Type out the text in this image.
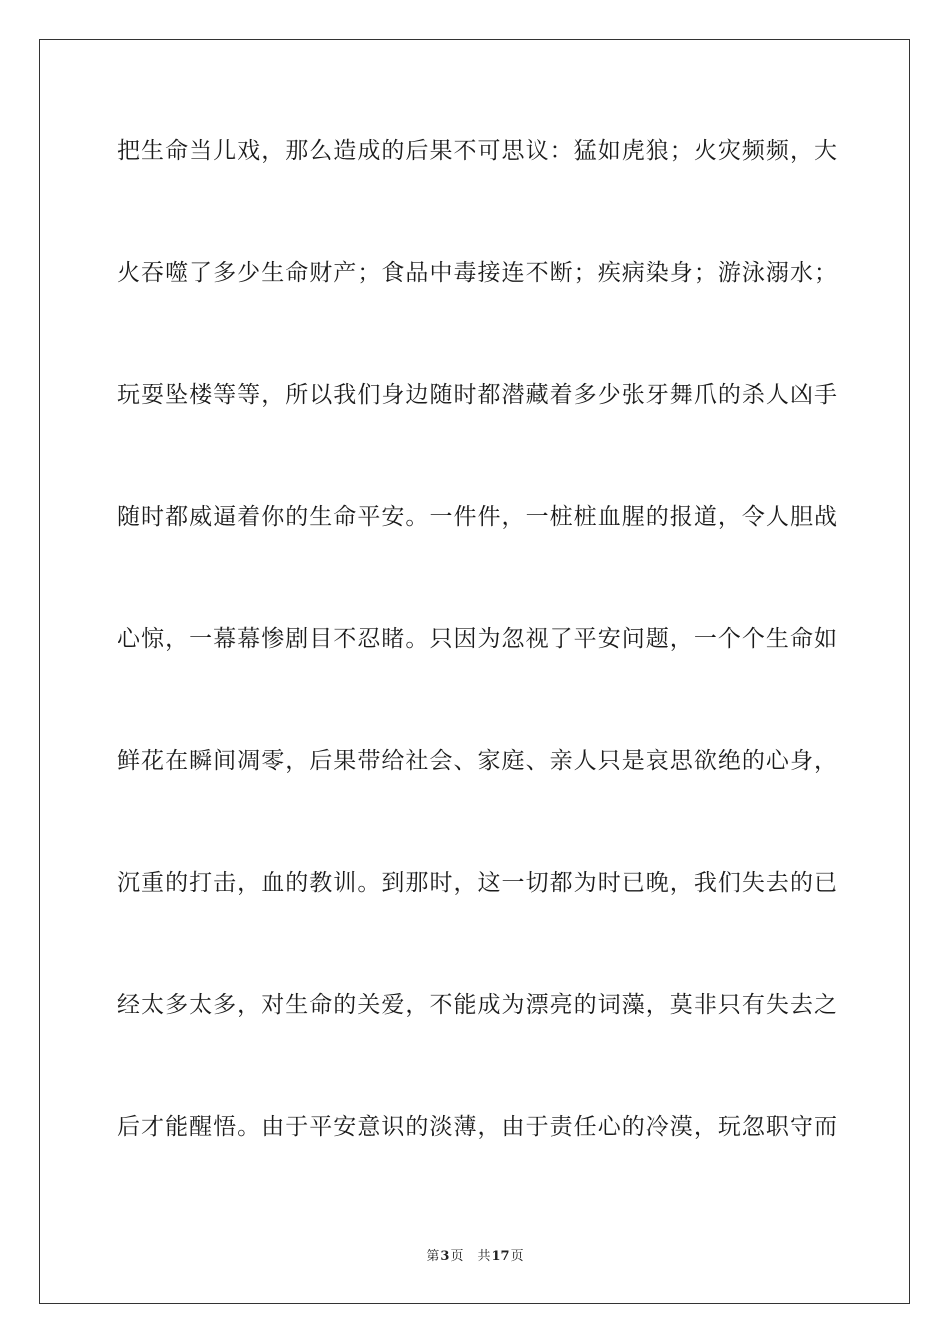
把生命当儿戏，那么造成的后果不可思议：猛如虎狼；火灾频频，大
火吞噬了多少生命财产；食品中毒接连不断；疾病染身；游泳溺水；
玩耍坠楼等等，所以我们身边随时都潜藏着多少张牙舞爪的杀人凶手
随时都威逼着你的生命平安。一件件，一桩桩血腥的报道，令人胆战
心惊，一幕幕惨剧目不忍睹。只因为忽视了平安问题，一个个生命如
鲜花在瞬间凋零，后果带给社会、家庭、亲人只是哀思欲绝的心身，
沉重的打击，血的教训。到那时，这一切都为时已晚，我们失去的已
经太多太多，对生命的关爱，不能成为漂亮的词藻，莫非只有失去之
后才能醒悟。由于平安意识的淡薄，由于责任心的冷漠，玩忽职守而
第3页 共17页
